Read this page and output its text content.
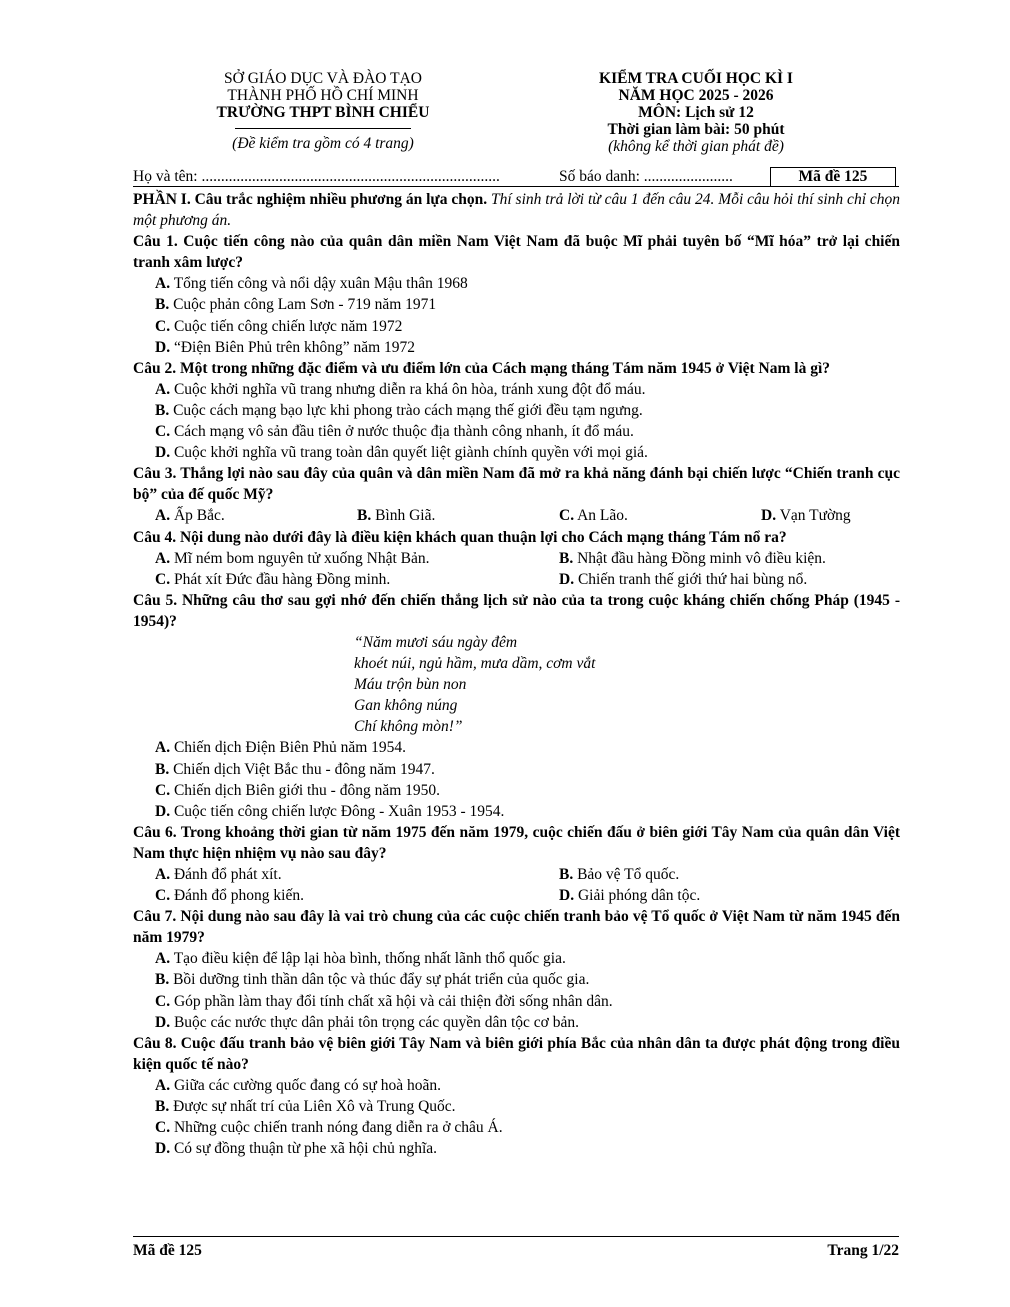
SỞ GIÁO DỤC VÀ ĐÀO TẠO
THÀNH PHỐ HỒ CHÍ MINH
TRƯỜNG THPT BÌNH CHIỂU
(Đề kiểm tra gồm có 4 trang)
KIỂM TRA CUỐI HỌC KÌ I
NĂM HỌC 2025 - 2026
MÔN: Lịch sử 12
Thời gian làm bài: 50 phút
(không kể thời gian phát đề)
Họ và tên: .............................................................................	Số báo danh: .......................	Mã đề 125
PHẦN I. Câu trắc nghiệm nhiều phương án lựa chọn. Thí sinh trả lời từ câu 1 đến câu 24. Mỗi câu hỏi thí sinh chỉ chọn một phương án.
Câu 1. Cuộc tiến công nào của quân dân miền Nam Việt Nam đã buộc Mĩ phải tuyên bố “Mĩ hóa” trở lại chiến tranh xâm lược?
A. Tổng tiến công và nổi dậy xuân Mậu thân 1968
B. Cuộc phản công Lam Sơn - 719 năm 1971
C. Cuộc tiến công chiến lược năm 1972
D. “Điện Biên Phủ trên không” năm 1972
Câu 2. Một trong những đặc điểm và ưu điểm lớn của Cách mạng tháng Tám năm 1945 ở Việt Nam là gì?
A. Cuộc khởi nghĩa vũ trang nhưng diễn ra khá ôn hòa, tránh xung đột đổ máu.
B. Cuộc cách mạng bạo lực khi phong trào cách mạng thế giới đều tạm ngưng.
C. Cách mạng vô sản đầu tiên ở nước thuộc địa thành công nhanh, ít đổ máu.
D. Cuộc khởi nghĩa vũ trang toàn dân quyết liệt giành chính quyền với mọi giá.
Câu 3. Thắng lợi nào sau đây của quân và dân miền Nam đã mở ra khả năng đánh bại chiến lược “Chiến tranh cục bộ” của đế quốc Mỹ?
A. Ấp Bắc.	B. Bình Giã.	C. An Lão.	D. Vạn Tường
Câu 4. Nội dung nào dưới đây là điều kiện khách quan thuận lợi cho Cách mạng tháng Tám nổ ra?
A. Mĩ ném bom nguyên tử xuống Nhật Bản.	B. Nhật đầu hàng Đồng minh vô điều kiện.
C. Phát xít Đức đầu hàng Đồng minh.	D. Chiến tranh thế giới thứ hai bùng nổ.
Câu 5. Những câu thơ sau gợi nhớ đến chiến thắng lịch sử nào của ta trong cuộc kháng chiến chống Pháp (1945 - 1954)?
“Năm mươi sáu ngày đêm
khoét núi, ngủ hầm, mưa dầm, cơm vắt
Máu trộn bùn non
Gan không núng
Chí không mòn!”
A. Chiến dịch Điện Biên Phủ năm 1954.
B. Chiến dịch Việt Bắc thu - đông năm 1947.
C. Chiến dịch Biên giới thu - đông năm 1950.
D. Cuộc tiến công chiến lược Đông - Xuân 1953 - 1954.
Câu 6. Trong khoảng thời gian từ năm 1975 đến năm 1979, cuộc chiến đấu ở biên giới Tây Nam của quân dân Việt Nam thực hiện nhiệm vụ nào sau đây?
A. Đánh đổ phát xít.	B. Bảo vệ Tổ quốc.
C. Đánh đổ phong kiến.	D. Giải phóng dân tộc.
Câu 7. Nội dung nào sau đây là vai trò chung của các cuộc chiến tranh bảo vệ Tổ quốc ở Việt Nam từ năm 1945 đến năm 1979?
A. Tạo điều kiện để lập lại hòa bình, thống nhất lãnh thổ quốc gia.
B. Bồi dưỡng tinh thần dân tộc và thúc đẩy sự phát triển của quốc gia.
C. Góp phần làm thay đổi tính chất xã hội và cải thiện đời sống nhân dân.
D. Buộc các nước thực dân phải tôn trọng các quyền dân tộc cơ bản.
Câu 8. Cuộc đấu tranh bảo vệ biên giới Tây Nam và biên giới phía Bắc của nhân dân ta được phát động trong điều kiện quốc tế nào?
A. Giữa các cường quốc đang có sự hoà hoãn.
B. Được sự nhất trí của Liên Xô và Trung Quốc.
C. Những cuộc chiến tranh nóng đang diễn ra ở châu Á.
D. Có sự đồng thuận từ phe xã hội chủ nghĩa.
Mã đề 125	Trang 1/22
